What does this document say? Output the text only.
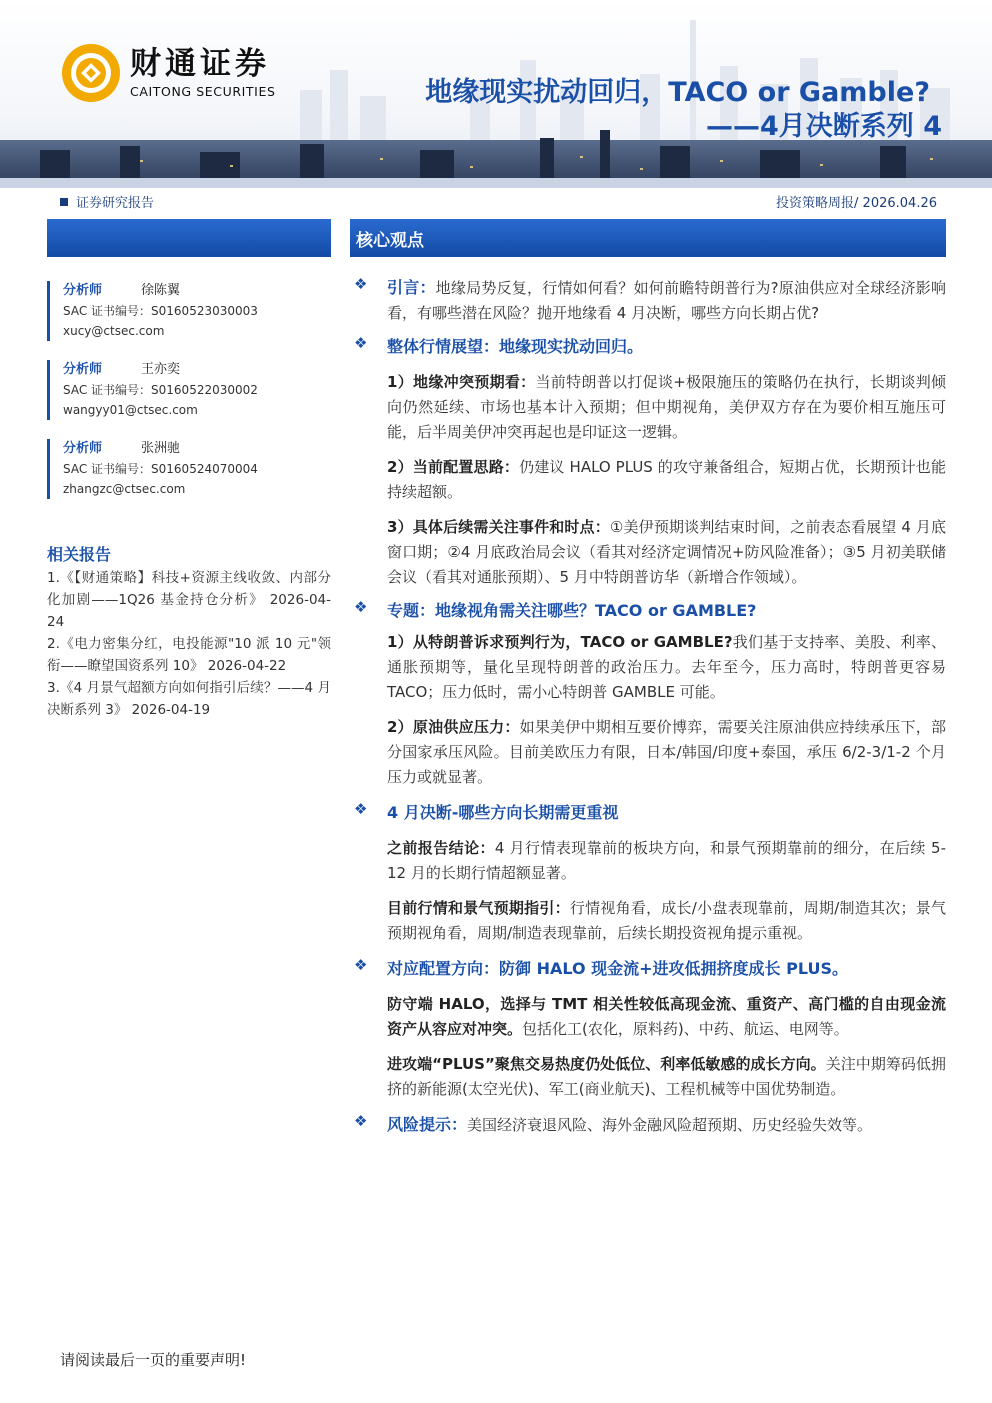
财通证券
CAITONG SECURITIES	地缘现实扰动回归，TACO or Gamble?
——4月决断系列 4
证券研究报告	投资策略周报/ 2026.04.26
分析师	徐陈翼
SAC 证书编号：S0160523030003
xucy@ctsec.com
分析师	王亦奕
SAC 证书编号：S0160522030002
wangyy01@ctsec.com
分析师	张洲驰
SAC 证书编号：S0160524070004
zhangzc@ctsec.com
相关报告
1.《【财通策略】科技+资源主线收敛、内部分化加剧——1Q26 基金持仓分析》 2026-04-24
2.《电力密集分红，电投能源"10 派 10 元"领衔——瞭望国资系列 10》 2026-04-22
3.《4 月景气超额方向如何指引后续？——4 月决断系列 3》 2026-04-19
核心观点
❖	引言：地缘局势反复，行情如何看？如何前瞻特朗普行为?原油供应对全球经济影响看，有哪些潜在风险？抛开地缘看 4 月决断，哪些方向长期占优?
❖	整体行情展望：地缘现实扰动回归。
1）地缘冲突预期看：当前特朗普以打促谈+极限施压的策略仍在执行，长期谈判倾向仍然延续、市场也基本计入预期；但中期视角，美伊双方存在为要价相互施压可能，后半周美伊冲突再起也是印证这一逻辑。
2）当前配置思路：仍建议 HALO PLUS 的攻守兼备组合，短期占优，长期预计也能持续超额。
3）具体后续需关注事件和时点：①美伊预期谈判结束时间，之前表态看展望 4 月底窗口期；②4 月底政治局会议（看其对经济定调情况+防风险准备）；③5 月初美联储会议（看其对通胀预期）、5 月中特朗普访华（新增合作领域）。
❖	专题：地缘视角需关注哪些？TACO or GAMBLE?
1）从特朗普诉求预判行为，TACO or GAMBLE?我们基于支持率、美股、利率、通胀预期等，量化呈现特朗普的政治压力。去年至今，压力高时，特朗普更容易 TACO；压力低时，需小心特朗普 GAMBLE 可能。
2）原油供应压力：如果美伊中期相互要价博弈，需要关注原油供应持续承压下，部分国家承压风险。目前美欧压力有限，日本/韩国/印度+泰国，承压 6/2-3/1-2 个月压力或就显著。
❖	4 月决断-哪些方向长期需更重视
之前报告结论：4 月行情表现靠前的板块方向，和景气预期靠前的细分，在后续 5-12 月的长期行情超额显著。
目前行情和景气预期指引：行情视角看，成长/小盘表现靠前，周期/制造其次；景气预期视角看，周期/制造表现靠前，后续长期投资视角提示重视。
❖	对应配置方向：防御 HALO 现金流+进攻低拥挤度成长 PLUS。
防守端 HALO，选择与 TMT 相关性较低高现金流、重资产、高门槛的自由现金流资产从容应对冲突。包括化工(农化，原料药)、中药、航运、电网等。
进攻端“PLUS”聚焦交易热度仍处低位、利率低敏感的成长方向。关注中期筹码低拥挤的新能源(太空光伏)、军工(商业航天)、工程机械等中国优势制造。
❖	风险提示：美国经济衰退风险、海外金融风险超预期、历史经验失效等。
请阅读最后一页的重要声明!
